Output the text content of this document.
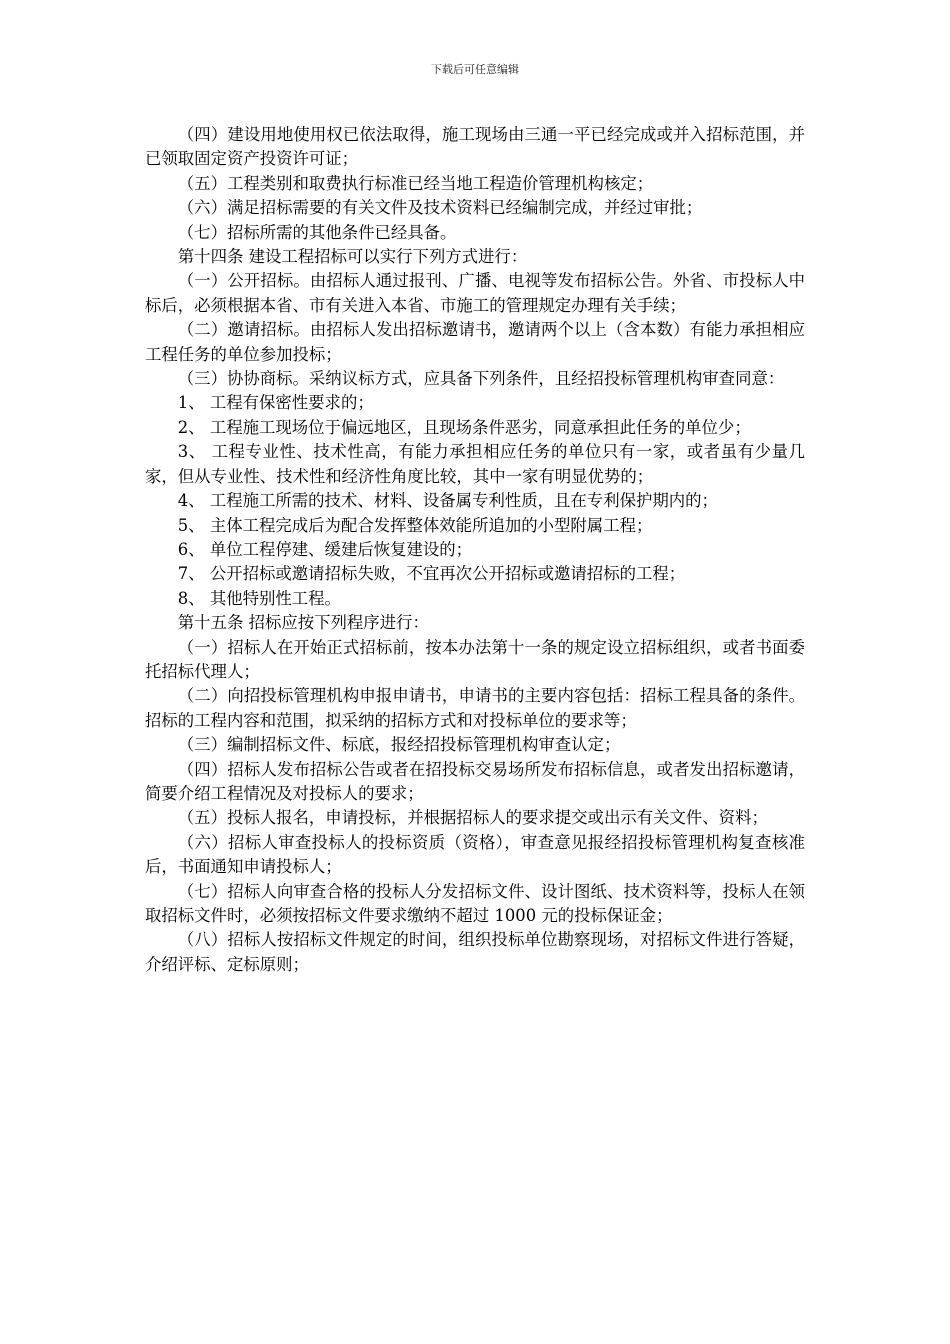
下载后可任意编辑

（四）建设用地使用权已依法取得，施工现场由三通一平已经完成或并入招标范围，并已领取固定资产投资许可证；

（五）工程类别和取费执行标准已经当地工程造价管理机构核定；

（六）满足招标需要的有关文件及技术资料已经编制完成，并经过审批；

（七）招标所需的其他条件已经具备。

第十四条 建设工程招标可以实行下列方式进行：

（一）公开招标。由招标人通过报刊、广播、电视等发布招标公告。外省、市投标人中标后，必须根据本省、市有关进入本省、市施工的管理规定办理有关手续；

（二）邀请招标。由招标人发出招标邀请书，邀请两个以上（含本数）有能力承担相应工程任务的单位参加投标；

（三）协协商标。采纳议标方式，应具备下列条件，且经招投标管理机构审查同意：

1、 工程有保密性要求的；

2、 工程施工现场位于偏远地区，且现场条件恶劣，同意承担此任务的单位少；

3、 工程专业性、技术性高，有能力承担相应任务的单位只有一家，或者虽有少量几家，但从专业性、技术性和经济性角度比较，其中一家有明显优势的；

4、 工程施工所需的技术、材料、设备属专利性质，且在专利保护期内的；

5、 主体工程完成后为配合发挥整体效能所追加的小型附属工程；

6、 单位工程停建、缓建后恢复建设的；

7、 公开招标或邀请招标失败，不宜再次公开招标或邀请招标的工程；

8、 其他特别性工程。

第十五条 招标应按下列程序进行：

（一）招标人在开始正式招标前，按本办法第十一条的规定设立招标组织，或者书面委托招标代理人；

（二）向招投标管理机构申报申请书，申请书的主要内容包括：招标工程具备的条件。招标的工程内容和范围，拟采纳的招标方式和对投标单位的要求等；

（三）编制招标文件、标底，报经招投标管理机构审查认定；

（四）招标人发布招标公告或者在招投标交易场所发布招标信息，或者发出招标邀请，简要介绍工程情况及对投标人的要求；

（五）投标人报名，申请投标，并根据招标人的要求提交或出示有关文件、资料；

（六）招标人审查投标人的投标资质（资格），审查意见报经招投标管理机构复查核准后，书面通知申请投标人；

（七）招标人向审查合格的投标人分发招标文件、设计图纸、技术资料等，投标人在领取招标文件时，必须按招标文件要求缴纳不超过 1000 元的投标保证金；

（八）招标人按招标文件规定的时间，组织投标单位勘察现场，对招标文件进行答疑，介绍评标、定标原则；
